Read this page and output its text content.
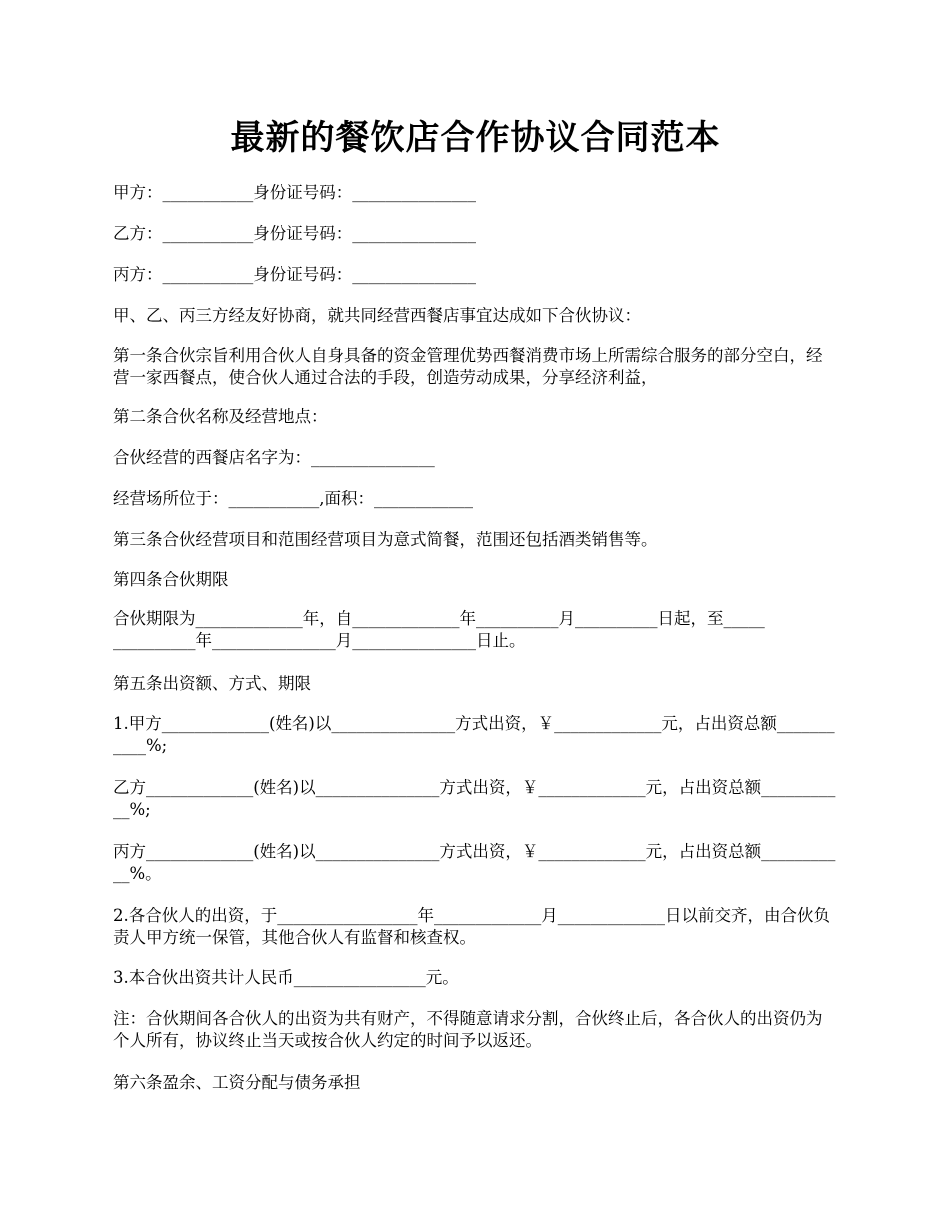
最新的餐饮店合作协议合同范本

甲方：___________身份证号码：_______________

乙方：___________身份证号码：_______________

丙方：___________身份证号码：_______________

甲、乙、丙三方经友好协商，就共同经营西餐店事宜达成如下合伙协议：

第一条合伙宗旨利用合伙人自身具备的资金管理优势西餐消费市场上所需综合服务的部分空白，经营一家西餐点，使合伙人通过合法的手段，创造劳动成果，分享经济利益，

第二条合伙名称及经营地点：

合伙经营的西餐店名字为：_______________

经营场所位于：___________,面积：____________

第三条合伙经营项目和范围经营项目为意式简餐，范围还包括酒类销售等。

第四条合伙期限

合伙期限为_____________年，自_____________年__________月__________日起，至_____
__________年_______________月_______________日止。

第五条出资额、方式、期限

1.甲方_____________(姓名)以_______________方式出资，￥_____________元，占出资总额___________%;

乙方_____________(姓名)以_______________方式出资，￥_____________元，占出资总额___________%;

丙方_____________(姓名)以_______________方式出资，￥_____________元，占出资总额___________%。

2.各合伙人的出资，于_________________年_____________月_____________日以前交齐，由合伙负责人甲方统一保管，其他合伙人有监督和核查权。

3.本合伙出资共计人民币________________元。

注：合伙期间各合伙人的出资为共有财产，不得随意请求分割，合伙终止后，各合伙人的出资仍为个人所有，协议终止当天或按合伙人约定的时间予以返还。

第六条盈余、工资分配与债务承担
